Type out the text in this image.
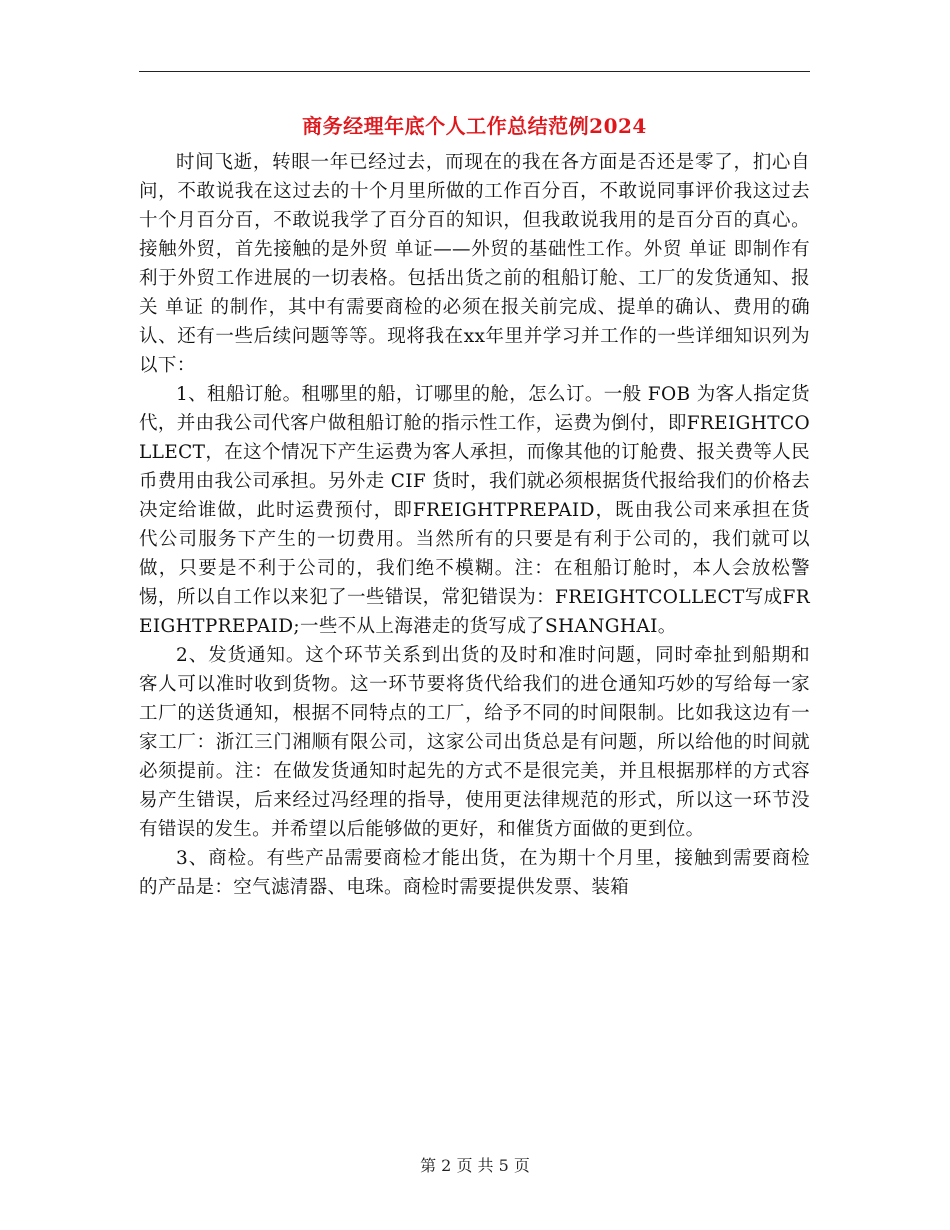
商务经理年底个人工作总结范例2024

时间飞逝，转眼一年已经过去，而现在的我在各方面是否还是零了，扪心自问，不敢说我在这过去的十个月里所做的工作百分百，不敢说同事评价我这过去十个月百分百，不敢说我学了百分百的知识，但我敢说我用的是百分百的真心。接触外贸，首先接触的是外贸 单证——外贸的基础性工作。外贸 单证 即制作有利于外贸工作进展的一切表格。包括出货之前的租船订舱、工厂的发货通知、报关 单证 的制作，其中有需要商检的必须在报关前完成、提单的确认、费用的确认、还有一些后续问题等等。现将我在xx年里并学习并工作的一些详细知识列为以下：

1、租船订舱。租哪里的船，订哪里的舱，怎么订。一般 FOB 为客人指定货代，并由我公司代客户做租船订舱的指示性工作，运费为倒付，即FREIGHTCOLLECT，在这个情况下产生运费为客人承担，而像其他的订舱费、报关费等人民币费用由我公司承担。另外走 CIF 货时，我们就必须根据货代报给我们的价格去决定给谁做，此时运费预付，即FREIGHTPREPAID，既由我公司来承担在货代公司服务下产生的一切费用。当然所有的只要是有利于公司的，我们就可以做，只要是不利于公司的，我们绝不模糊。注：在租船订舱时，本人会放松警惕，所以自工作以来犯了一些错误，常犯错误为：FREIGHTCOLLECT写成FREIGHTPREPAID;一些不从上海港走的货写成了SHANGHAI。

2、发货通知。这个环节关系到出货的及时和准时问题，同时牵扯到船期和客人可以准时收到货物。这一环节要将货代给我们的进仓通知巧妙的写给每一家工厂的送货通知，根据不同特点的工厂，给予不同的时间限制。比如我这边有一家工厂：浙江三门湘顺有限公司，这家公司出货总是有问题，所以给他的时间就必须提前。注：在做发货通知时起先的方式不是很完美，并且根据那样的方式容易产生错误，后来经过冯经理的指导，使用更法律规范的形式，所以这一环节没有错误的发生。并希望以后能够做的更好，和催货方面做的更到位。

3、商检。有些产品需要商检才能出货，在为期十个月里，接触到需要商检的产品是：空气滤清器、电珠。商检时需要提供发票、装箱

第 2 页 共 5 页
